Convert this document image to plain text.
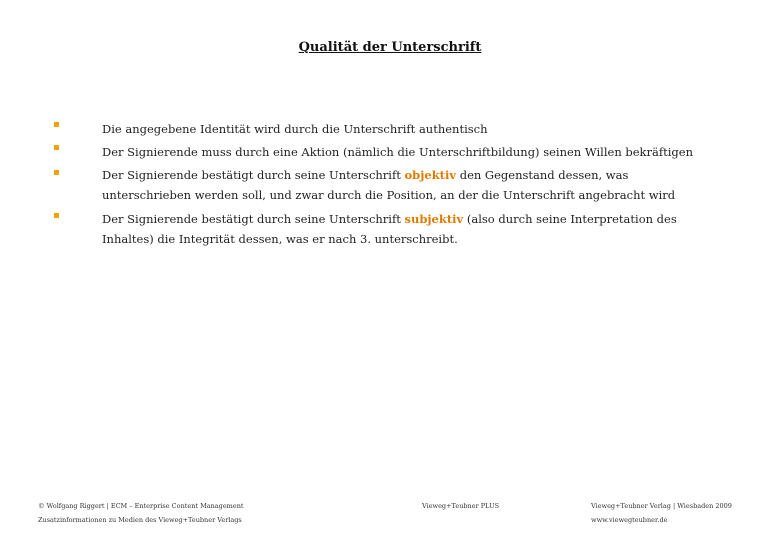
Qualität der Unterschrift
Die angegebene Identität wird durch die Unterschrift authentisch
Der Signierende muss durch eine Aktion (nämlich die Unterschriftbildung) seinen Willen bekräftigen
Der Signierende bestätigt durch seine Unterschrift objektiv den Gegenstand dessen, was unterschrieben werden soll, und zwar durch die Position, an der die Unterschrift angebracht wird
Der Signierende bestätigt durch seine Unterschrift subjektiv (also durch seine Interpretation des Inhaltes) die Integrität dessen, was er nach 3. unterschreibt.
© Wolfgang Riggert | ECM – Enterprise Content Management
Zusatzinformationen zu Medien des Vieweg+Teubner Verlags
Vieweg+Teubner PLUS	Vieweg+Teubner Verlag | Wiesbaden 2009
www.viewegteubner.de
